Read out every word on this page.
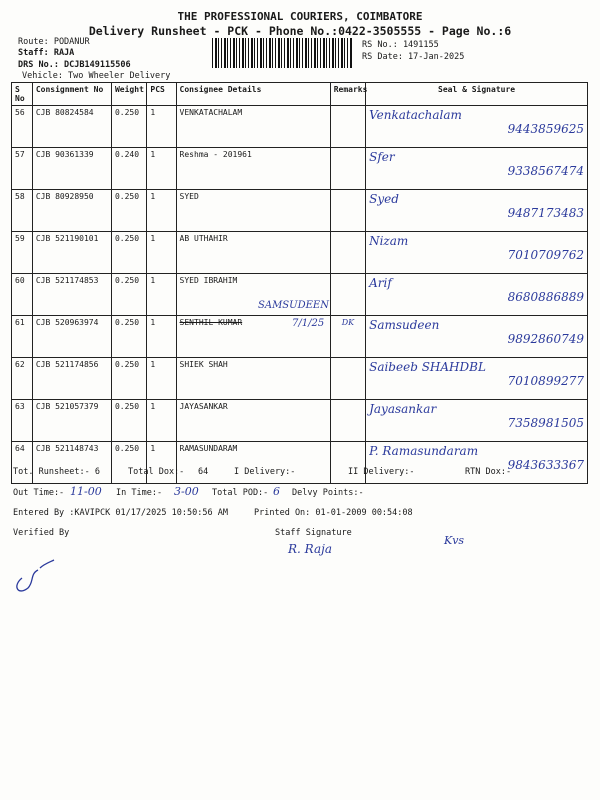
THE PROFESSIONAL COURIERS, COIMBATORE
Delivery Runsheet - PCK - Phone No.:0422-3505555 - Page No.:6
Route: PODANUR
Staff: RAJA
DRS No.: DCJB149115506
Vehicle: Two Wheeler Delivery
RS No.: 1491155
RS Date: 17-Jan-2025
S No	Consignment No	Weight	PCS	Consignee Details	Remarks	Seal & Signature
56	CJB 80824584	0.250	1	VENKATACHALAM		Venkatachalam
9443859625

57	CJB 90361339	0.240	1	Reshma - 201961		Sfer
9338567474

58	CJB 80928950	0.250	1	SYED		Syed
9487173483

59	CJB 521190101	0.250	1	AB UTHAHIR		Nizam
7010709762

60	CJB 521174853	0.250	1	SYED IBRAHIM		Arif
8680886889

61	CJB 520963974	0.250	1	SENTHIL KUMAR	DK	Samsudeen
9892860749

62	CJB 521174856	0.250	1	SHIEK SHAH		Saibeeb SHAHDBL
7010899277

63	CJB 521057379	0.250	1	JAYASANKAR		Jayasankar
7358981505

64	CJB 521148743	0.250	1	RAMASUNDARAM		P. Ramasundaram
9843633367
SAMSUDEEN
7/1/25
Tot. Runsheet:- 6	Total Dox:- 64	I Delivery:-	II Delivery:-	RTN Dox:-
Out Time:- 11-00 In Time:- 3-00 Total POD:- 6 Delvy Points:-
Entered By :KAVIPCK 01/17/2025 10:50:56 AM	Printed On: 01-01-2009 00:54:08
Verified By	Staff Signature
R. Raja
Kvs
